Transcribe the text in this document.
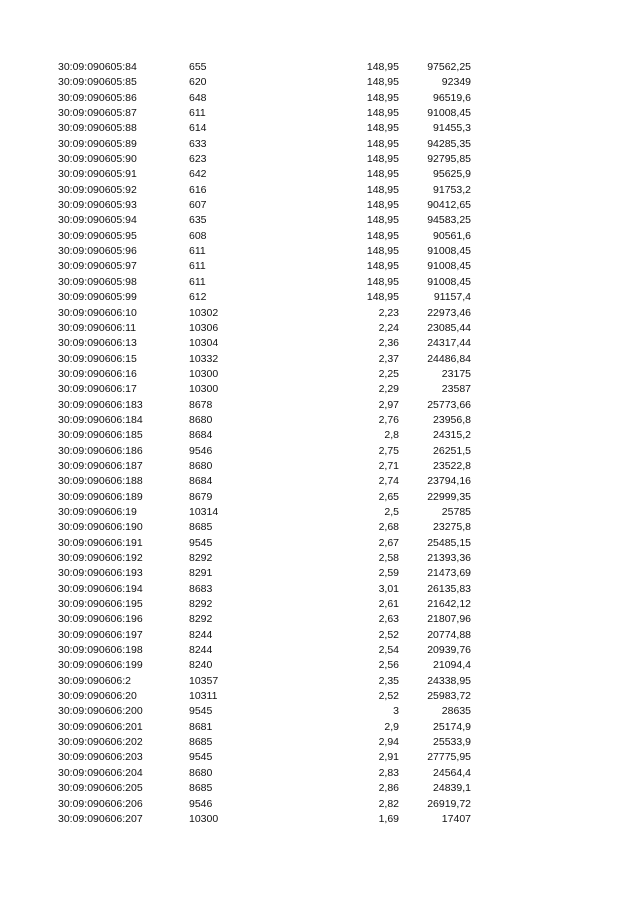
30:09:090605:84	655	148,95	97562,25
30:09:090605:85	620	148,95	92349
30:09:090605:86	648	148,95	96519,6
30:09:090605:87	611	148,95	91008,45
30:09:090605:88	614	148,95	91455,3
30:09:090605:89	633	148,95	94285,35
30:09:090605:90	623	148,95	92795,85
30:09:090605:91	642	148,95	95625,9
30:09:090605:92	616	148,95	91753,2
30:09:090605:93	607	148,95	90412,65
30:09:090605:94	635	148,95	94583,25
30:09:090605:95	608	148,95	90561,6
30:09:090605:96	611	148,95	91008,45
30:09:090605:97	611	148,95	91008,45
30:09:090605:98	611	148,95	91008,45
30:09:090605:99	612	148,95	91157,4
30:09:090606:10	10302	2,23	22973,46
30:09:090606:11	10306	2,24	23085,44
30:09:090606:13	10304	2,36	24317,44
30:09:090606:15	10332	2,37	24486,84
30:09:090606:16	10300	2,25	23175
30:09:090606:17	10300	2,29	23587
30:09:090606:183	8678	2,97	25773,66
30:09:090606:184	8680	2,76	23956,8
30:09:090606:185	8684	2,8	24315,2
30:09:090606:186	9546	2,75	26251,5
30:09:090606:187	8680	2,71	23522,8
30:09:090606:188	8684	2,74	23794,16
30:09:090606:189	8679	2,65	22999,35
30:09:090606:19	10314	2,5	25785
30:09:090606:190	8685	2,68	23275,8
30:09:090606:191	9545	2,67	25485,15
30:09:090606:192	8292	2,58	21393,36
30:09:090606:193	8291	2,59	21473,69
30:09:090606:194	8683	3,01	26135,83
30:09:090606:195	8292	2,61	21642,12
30:09:090606:196	8292	2,63	21807,96
30:09:090606:197	8244	2,52	20774,88
30:09:090606:198	8244	2,54	20939,76
30:09:090606:199	8240	2,56	21094,4
30:09:090606:2	10357	2,35	24338,95
30:09:090606:20	10311	2,52	25983,72
30:09:090606:200	9545	3	28635
30:09:090606:201	8681	2,9	25174,9
30:09:090606:202	8685	2,94	25533,9
30:09:090606:203	9545	2,91	27775,95
30:09:090606:204	8680	2,83	24564,4
30:09:090606:205	8685	2,86	24839,1
30:09:090606:206	9546	2,82	26919,72
30:09:090606:207	10300	1,69	17407
